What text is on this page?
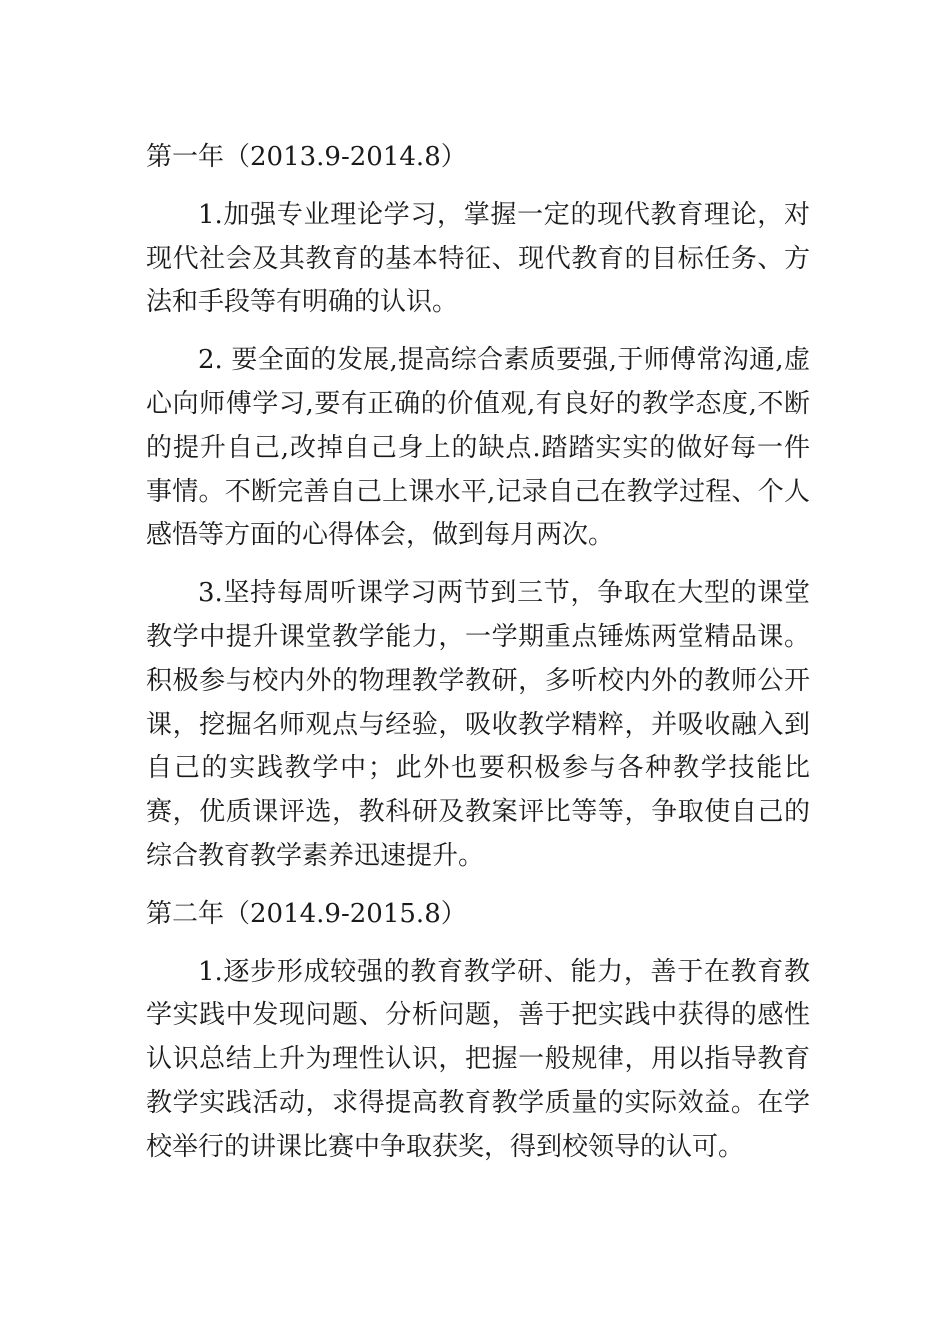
第一年（2013.9-2014.8）

1.加强专业理论学习，掌握一定的现代教育理论，对现代社会及其教育的基本特征、现代教育的目标任务、方法和手段等有明确的认识。

2. 要全面的发展,提高综合素质要强,于师傅常沟通,虚心向师傅学习,要有正确的价值观,有良好的教学态度,不断的提升自己,改掉自己身上的缺点.踏踏实实的做好每一件事情。不断完善自己上课水平,记录自己在教学过程、个人感悟等方面的心得体会，做到每月两次。

3.坚持每周听课学习两节到三节，争取在大型的课堂教学中提升课堂教学能力，一学期重点锤炼两堂精品课。积极参与校内外的物理教学教研，多听校内外的教师公开课，挖掘名师观点与经验，吸收教学精粹，并吸收融入到自己的实践教学中；此外也要积极参与各种教学技能比赛，优质课评选，教科研及教案评比等等，争取使自己的综合教育教学素养迅速提升。

第二年（2014.9-2015.8）

1.逐步形成较强的教育教学研、能力，善于在教育教学实践中发现问题、分析问题，善于把实践中获得的感性认识总结上升为理性认识，把握一般规律，用以指导教育教学实践活动，求得提高教育教学质量的实际效益。在学校举行的讲课比赛中争取获奖，得到校领导的认可。
